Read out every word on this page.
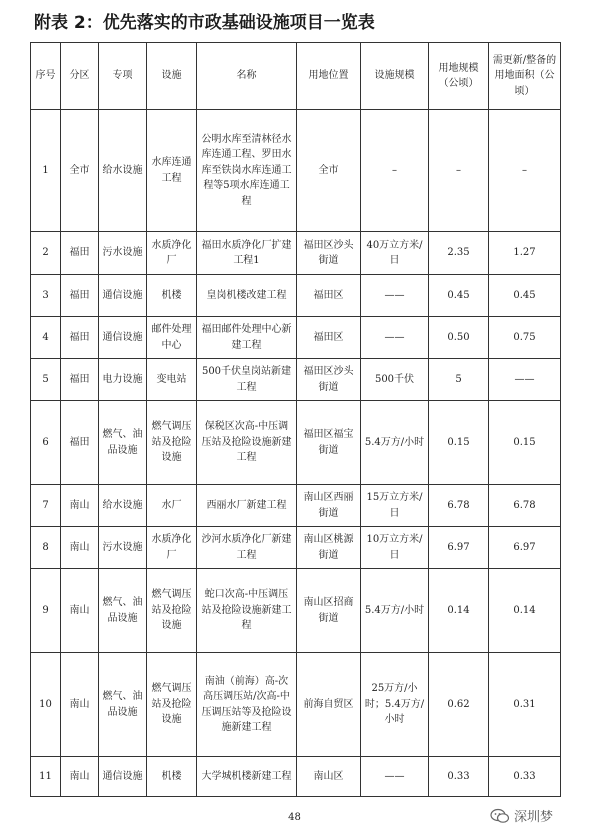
附表 2：优先落实的市政基础设施项目一览表
序号	分区	专项	设施	名称	用地位置	设施规模	用地规模（公顷）	需更新/整备的用地面积（公顷）
1	全市	给水设施	水库连通工程	公明水库至清林径水库连通工程、罗田水库至铁岗水库连通工程等5项水库连通工程	全市	–	–	–
2	福田	污水设施	水质净化厂	福田水质净化厂扩建工程1	福田区沙头街道	40万立方米/日	2.35	1.27
3	福田	通信设施	机楼	皇岗机楼改建工程	福田区	——	0.45	0.45
4	福田	通信设施	邮件处理中心	福田邮件处理中心新建工程	福田区	——	0.50	0.75
5	福田	电力设施	变电站	500千伏皇岗站新建工程	福田区沙头街道	500千伏	5	——
6	福田	燃气、油品设施	燃气调压站及抢险设施	保税区次高-中压调压站及抢险设施新建工程	福田区福宝街道	5.4万方/小时	0.15	0.15
7	南山	给水设施	水厂	西丽水厂新建工程	南山区西丽街道	15万立方米/日	6.78	6.78
8	南山	污水设施	水质净化厂	沙河水质净化厂新建工程	南山区桃源街道	10万立方米/日	6.97	6.97
9	南山	燃气、油品设施	燃气调压站及抢险设施	蛇口次高-中压调压站及抢险设施新建工程	南山区招商街道	5.4万方/小时	0.14	0.14
10	南山	燃气、油品设施	燃气调压站及抢险设施	南油（前海）高-次高压调压站/次高-中压调压站等及抢险设施新建工程	前海自贸区	25万方/小时；5.4万方/小时	0.62	0.31
11	南山	通信设施	机楼	大学城机楼新建工程	南山区	——	0.33	0.33
48	深圳梦
